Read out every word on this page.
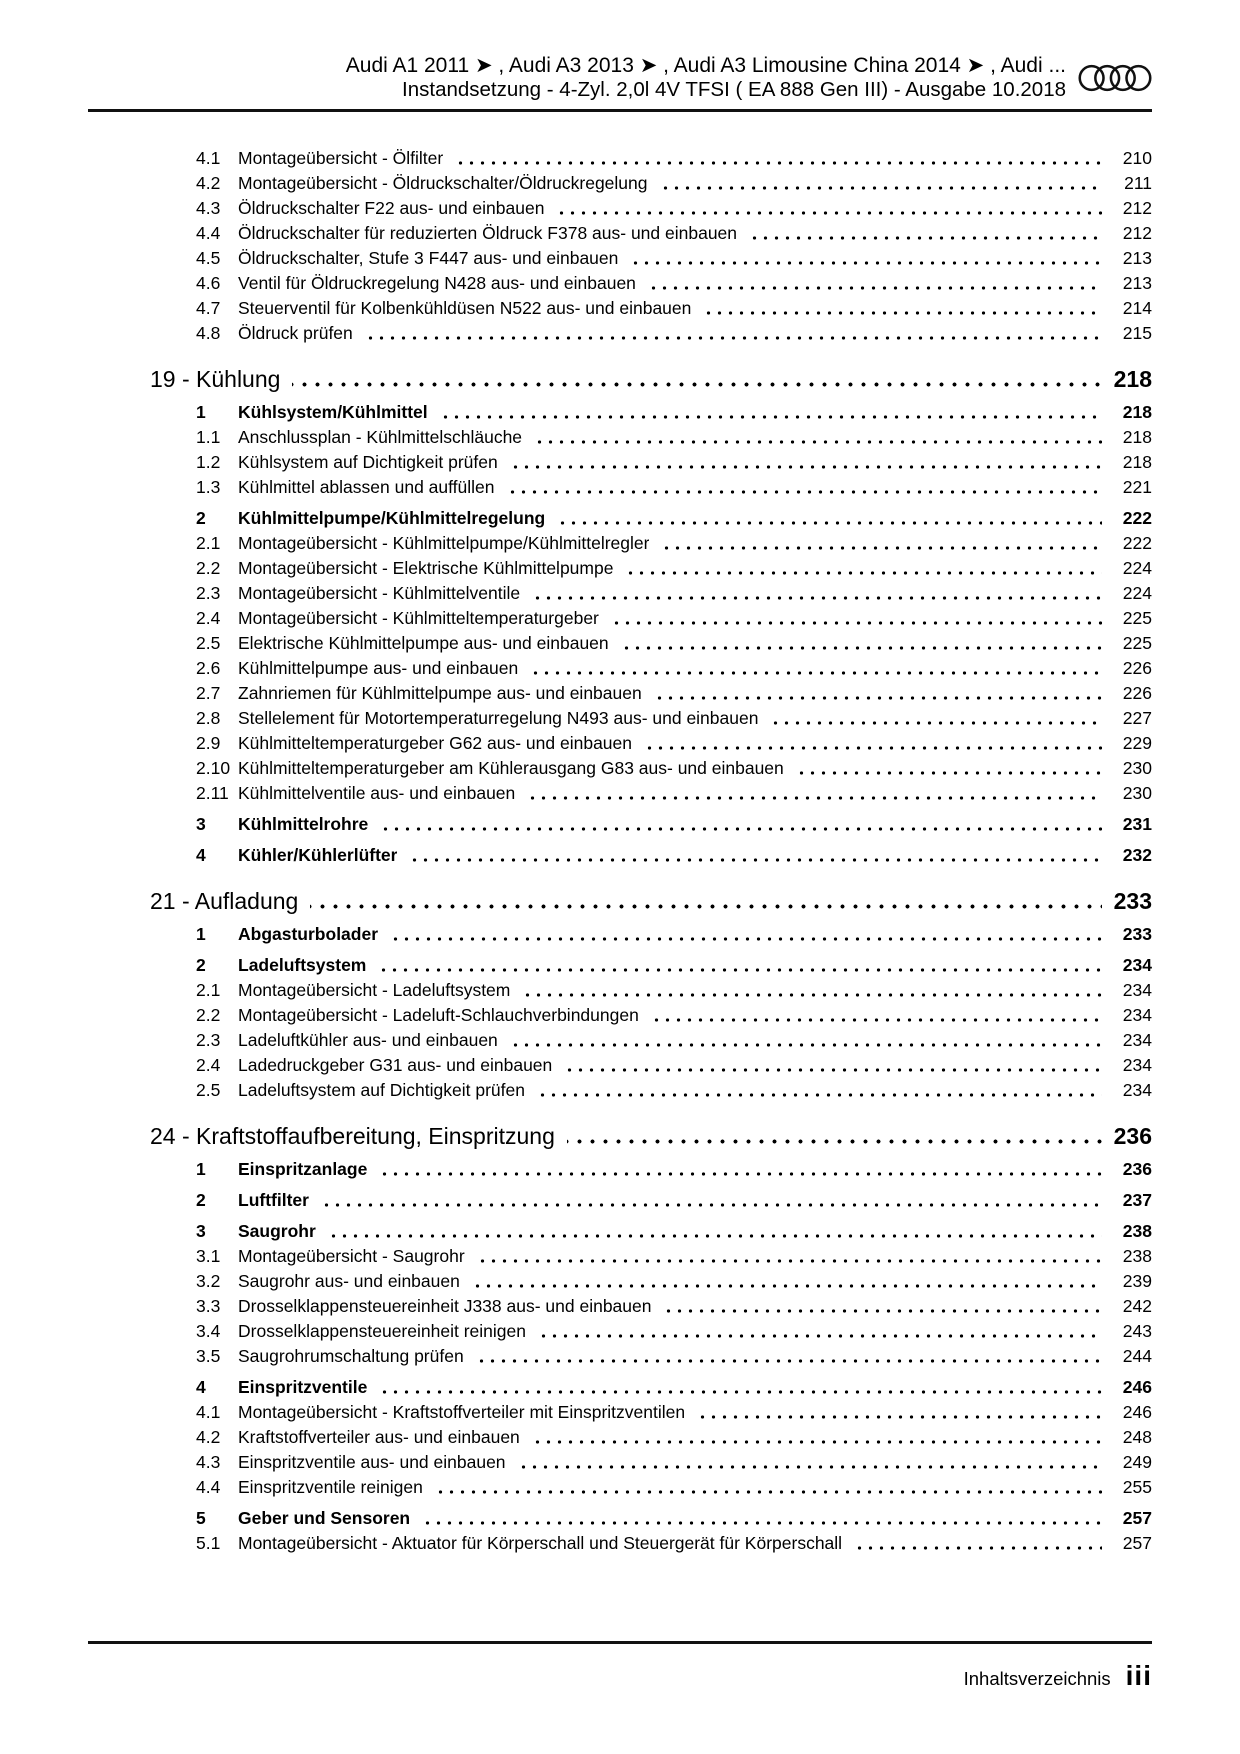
Audi A1 2011 ➤ , Audi A3 2013 ➤ , Audi A3 Limousine China 2014 ➤ , Audi ...
Instandsetzung - 4-Zyl. 2,0l 4V TFSI ( EA 888 Gen III) - Ausgabe 10.2018
4.1	Montageübersicht - Ölfilter	210
4.2	Montageübersicht - Öldruckschalter/Öldruckregelung	211
4.3	Öldruckschalter F22 aus- und einbauen	212
4.4	Öldruckschalter für reduzierten Öldruck F378 aus- und einbauen	212
4.5	Öldruckschalter, Stufe 3 F447 aus- und einbauen	213
4.6	Ventil für Öldruckregelung N428 aus- und einbauen	213
4.7	Steuerventil für Kolbenkühldüsen N522 aus- und einbauen	214
4.8	Öldruck prüfen	215
19 - Kühlung	218
1	Kühlsystem/Kühlmittel	218
1.1	Anschlussplan - Kühlmittelschläuche	218
1.2	Kühlsystem auf Dichtigkeit prüfen	218
1.3	Kühlmittel ablassen und auffüllen	221
2	Kühlmittelpumpe/Kühlmittelregelung	222
2.1	Montageübersicht - Kühlmittelpumpe/Kühlmittelregler	222
2.2	Montageübersicht - Elektrische Kühlmittelpumpe	224
2.3	Montageübersicht - Kühlmittelventile	224
2.4	Montageübersicht - Kühlmitteltemperaturgeber	225
2.5	Elektrische Kühlmittelpumpe aus- und einbauen	225
2.6	Kühlmittelpumpe aus- und einbauen	226
2.7	Zahnriemen für Kühlmittelpumpe aus- und einbauen	226
2.8	Stellelement für Motortemperaturregelung N493 aus- und einbauen	227
2.9	Kühlmitteltemperaturgeber G62 aus- und einbauen	229
2.10 Kühlmitteltemperaturgeber am Kühlerausgang G83 aus- und einbauen	230
2.11 Kühlmittelventile aus- und einbauen	230
3	Kühlmittelrohre	231
4	Kühler/Kühlerlüfter	232
21 - Aufladung	233
1	Abgasturbolader	233
2	Ladeluftsystem	234
2.1	Montageübersicht - Ladeluftsystem	234
2.2	Montageübersicht - Ladeluft-Schlauchverbindungen	234
2.3	Ladeluftkühler aus- und einbauen	234
2.4	Ladedruckgeber G31 aus- und einbauen	234
2.5	Ladeluftsystem auf Dichtigkeit prüfen	234
24 - Kraftstoffaufbereitung, Einspritzung	236
1	Einspritzanlage	236
2	Luftfilter	237
3	Saugrohr	238
3.1	Montageübersicht - Saugrohr	238
3.2	Saugrohr aus- und einbauen	239
3.3	Drosselklappensteuereinheit J338 aus- und einbauen	242
3.4	Drosselklappensteuereinheit reinigen	243
3.5	Saugrohrumschaltung prüfen	244
4	Einspritzventile	246
4.1	Montageübersicht - Kraftstoffverteiler mit Einspritzventilen	246
4.2	Kraftstoffverteiler aus- und einbauen	248
4.3	Einspritzventile aus- und einbauen	249
4.4	Einspritzventile reinigen	255
5	Geber und Sensoren	257
5.1	Montageübersicht - Aktuator für Körperschall und Steuergerät für Körperschall	257
Inhaltsverzeichnis iii
